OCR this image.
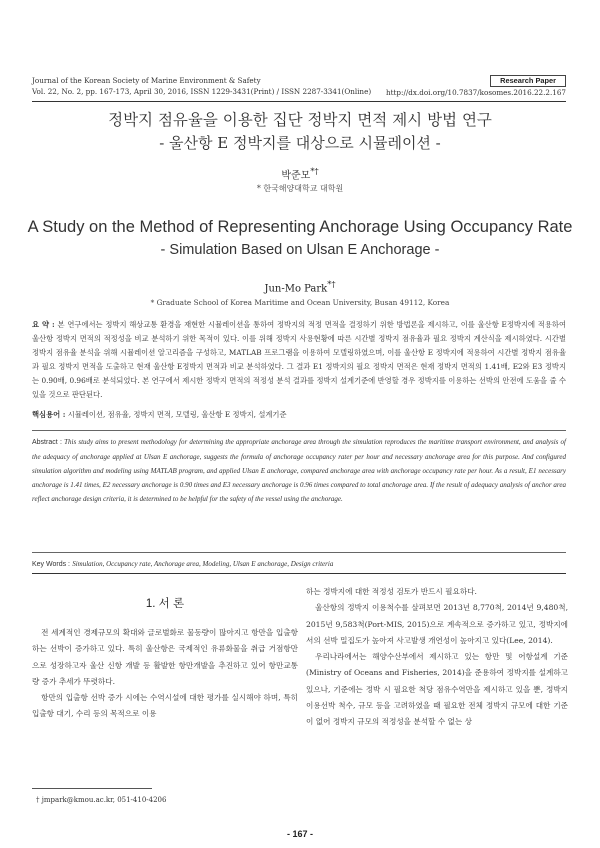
Journal of the Korean Society of Marine Environment & Safety
Vol. 22, No. 2, pp. 167-173, April 30, 2016, ISSN 1229-3431(Print) / ISSN 2287-3341(Online)
Research Paper
http://dx.doi.org/10.7837/kosomes.2016.22.2.167
정박지 점유율을 이용한 집단 정박지 면적 제시 방법 연구
- 울산항 E 정박지를 대상으로 시뮬레이션 -
박준모*†
* 한국해양대학교 대학원
A Study on the Method of Representing Anchorage Using Occupancy Rate
- Simulation Based on Ulsan E Anchorage -
Jun-Mo Park*†
* Graduate School of Korea Maritime and Ocean University, Busan 49112, Korea
요 약 : 본 연구에서는 정박지 해상교통 환경을 재현한 시뮬레이션을 통하여 정박지의 적정 면적을 결정하기 위한 방법론을 제시하고, 이를 울산항 E정박지에 적용하여 울산항 정박지 면적의 적정성을 비교 분석하기 위한 목적이 있다. 이를 위해 정박지 사용현황에 따른 시간별 정박지 점유율과 필요 정박지 계산식을 제시하였다. 시간별 정박지 점유율 분석을 위해 시뮬레이션 알고리즘을 구성하고, MATLAB 프로그램을 이용하여 모델링하였으며, 이를 울산항 E 정박지에 적용하여 시간별 정박지 점유율과 필요 정박지 면적을 도출하고 현재 울산항 E정박지 면적과 비교 분석하였다. 그 결과 E1 정박지의 필요 정박지 면적은 현재 정박지 면적의 1.41배, E2와 E3 정박지는 0.90배, 0.96배로 분석되었다. 본 연구에서 제시한 정박지 면적의 적정성 분석 결과를 정박지 설계기준에 반영할 경우 정박지를 이용하는 선박의 안전에 도움을 줄 수 있을 것으로 판단된다.
핵심용어 : 시뮬레이션, 점유율, 정박지 면적, 모델링, 울산항 E 정박지, 설계기준
Abstract : This study aims to present methodology for determining the appropriate anchorage area through the simulation reproduces the maritime transport environment, and analysis of the adequacy of anchorage applied at Ulsan E anchorage, suggests the formula of anchorage occupancy rater per hour and necessary anchorage area for this purpose. And configured simulation algorithm and modeling using MATLAB program, and applied Ulsan E anchorage, compared anchorage area with anchorage occupancy rate per hour. As a result, E1 necessary anchorage is 1.41 times, E2 necessary anchorage is 0.90 times and E3 necessary anchorage is 0.96 times compared to total anchorage area. If the result of adequacy analysis of anchor area reflect anchorage design criteria, it is determined to be helpful for the safety of the vessel using the anchorage.
Key Words : Simulation, Occupancy rate, Anchorage area, Modeling, Ulsan E anchorage, Design criteria
1. 서 론

전 세계적인 경제규모의 확대와 글로벌화로 물동량이 많아지고 항만을 입출항하는 선박이 증가하고 있다. 특히 울산항은 국제적인 유류화물을 취급 거점항만으로 성장하고자 울산 신항 개발 등 활발한 항만개발을 추진하고 있어 항만교통량 증가 추세가 뚜렷하다.

항만의 입출항 선박 증가 시에는 수역시설에 대한 평가를 실시해야 하며, 특히 입출항 대기, 수리 등의 목적으로 이용

하는 정박지에 대한 적정성 검토가 반드시 필요하다.

울산항의 정박지 이용척수를 살펴보면 2013년 8,770척, 2014년 9,480척, 2015년 9,583척(Port-MIS, 2015)으로 계속적으로 증가하고 있고, 정박지에서의 선박 밀집도가 높아져 사고발생 개연성이 높아지고 있다(Lee, 2014).

우리나라에서는 해양수산부에서 제시하고 있는 항만 및 어항설계 기준(Ministry of Oceans and Fisheries, 2014)을 준용하여 정박지를 설계하고 있으나, 기준에는 정박 시 필요한 척당 점유수역만을 제시하고 있을 뿐, 정박지 이용선박 척수, 규모 등을 고려하였을 때 필요한 전체 정박지 규모에 대한 기준이 없어 정박지 규모의 적정성을 분석할 수 없는 상

† jmpark@kmou.ac.kr, 051-410-4206
- 167 -
